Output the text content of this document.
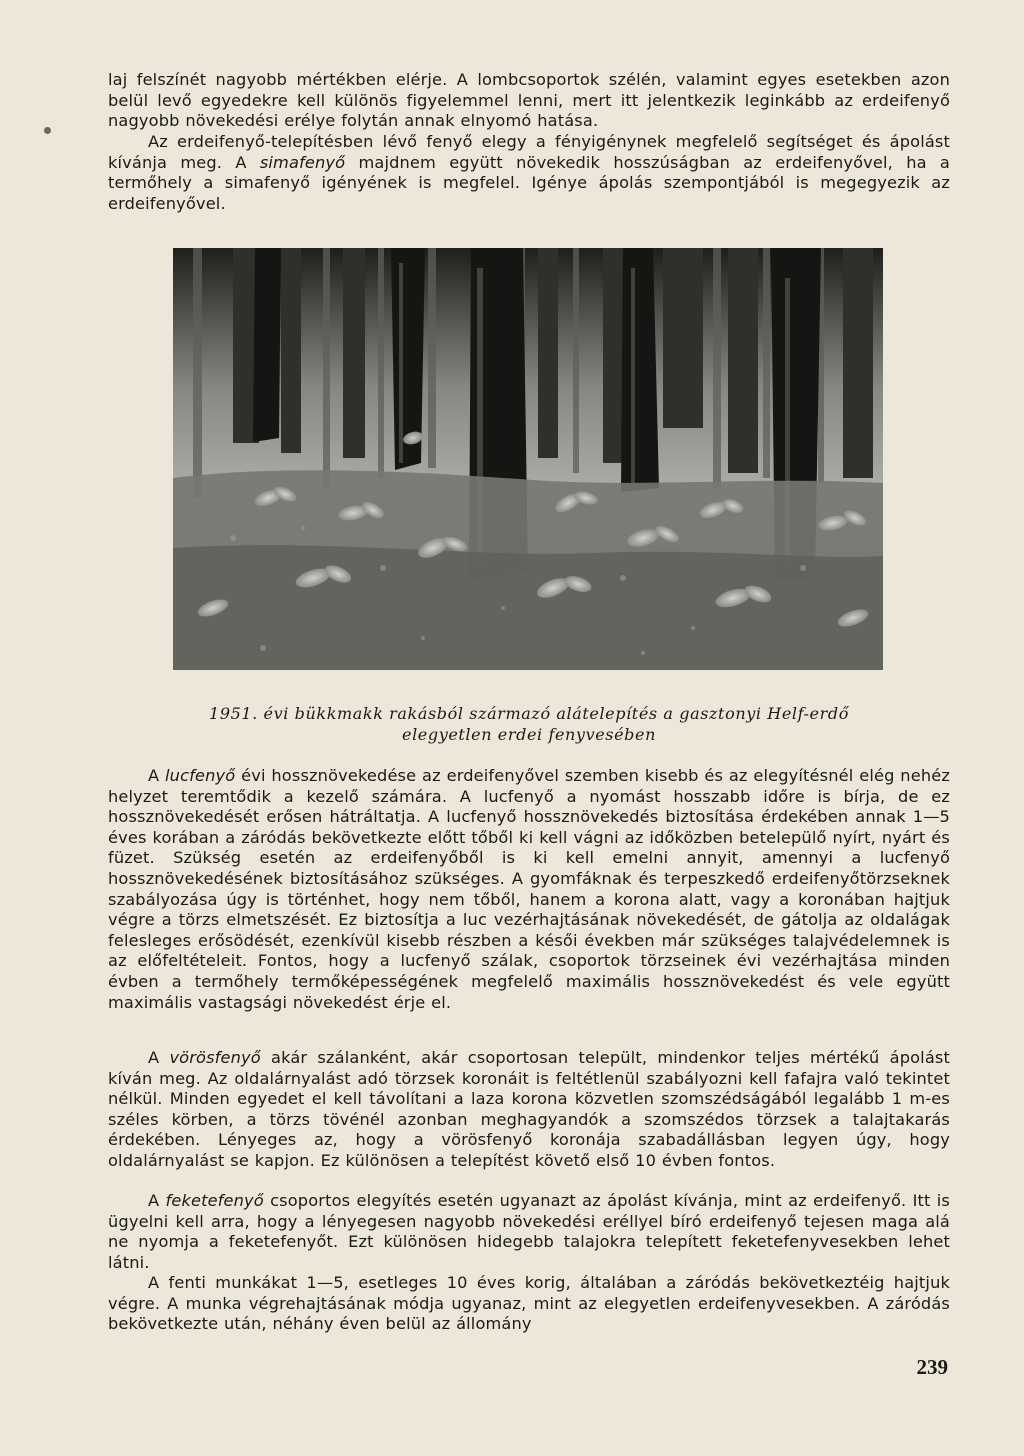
laj felszínét nagyobb mértékben elérje. A lombcsoportok szélén, valamint egyes esetekben azon belül levő egyedekre kell különös figyelemmel lenni, mert itt jelentkezik leginkább az erdeifenyő nagyobb növekedési erélye folytán annak elnyomó hatása.

Az erdeifenyő-telepítésben lévő fenyő elegy a fényigénynek megfelelő segítséget és ápolást kívánja meg. A simafenyő majdnem együtt növekedik hosszúságban az erdeifenyővel, ha a termőhely a simafenyő igényének is megfelel. Igénye ápolás szempontjából is megegyezik az erdeifenyővel.

1951. évi bükkmakk rakásból származó alátelepítés a gasztonyi Helf-erdő
elegyetlen erdei fenyvesében

A lucfenyő évi hossznövekedése az erdeifenyővel szemben kisebb és az elegyítésnél elég nehéz helyzet teremtődik a kezelő számára. A lucfenyő a nyomást hosszabb időre is bírja, de ez hossznövekedését erősen hátráltatja. A lucfenyő hossznövekedés biztosítása érdekében annak 1—5 éves korában a záródás bekövetkezte előtt tőből ki kell vágni az időközben betelepülő nyírt, nyárt és füzet. Szükség esetén az erdeifenyőből is ki kell emelni annyit, amennyi a lucfenyő hossznövekedésének biztosításához szükséges. A gyomfáknak és terpeszkedő erdeifenyőtörzseknek szabályozása úgy is történhet, hogy nem tőből, hanem a korona alatt, vagy a koronában hajtjuk végre a törzs elmetszését. Ez biztosítja a luc vezérhajtásának növekedését, de gátolja az oldalágak felesleges erősödését, ezenkívül kisebb részben a késői években már szükséges talajvédelemnek is az előfeltételeit. Fontos, hogy a lucfenyő szálak, csoportok törzseinek évi vezérhajtása minden évben a termőhely termőképességének megfelelő maximális hossznövekedést és vele együtt maximális vastagsági növekedést érje el.

A vörösfenyő akár szálanként, akár csoportosan települt, mindenkor teljes mértékű ápolást kíván meg. Az oldalárnyalást adó törzsek koronáit is feltétlenül szabályozni kell fafajra való tekintet nélkül. Minden egyedet el kell távolítani a laza korona közvetlen szomszédságából legalább 1 m-es széles körben, a törzs tövénél azonban meghagyandók a szomszédos törzsek a talajtakarás érdekében. Lényeges az, hogy a vörösfenyő koronája szabadállásban legyen úgy, hogy oldalárnyalást se kapjon. Ez különösen a telepítést követő első 10 évben fontos.

A feketefenyő csoportos elegyítés esetén ugyanazt az ápolást kívánja, mint az erdeifenyő. Itt is ügyelni kell arra, hogy a lényegesen nagyobb növekedési eréllyel bíró erdeifenyő tejesen maga alá ne nyomja a feketefenyőt. Ezt különösen hidegebb talajokra telepített feketefenyvesekben lehet látni.

A fenti munkákat 1—5, esetleges 10 éves korig, általában a záródás bekövetkeztéig hajtjuk végre. A munka végrehajtásának módja ugyanaz, mint az elegyetlen erdeifenyvesekben. A záródás bekövetkezte után, néhány éven belül az állomány

239
